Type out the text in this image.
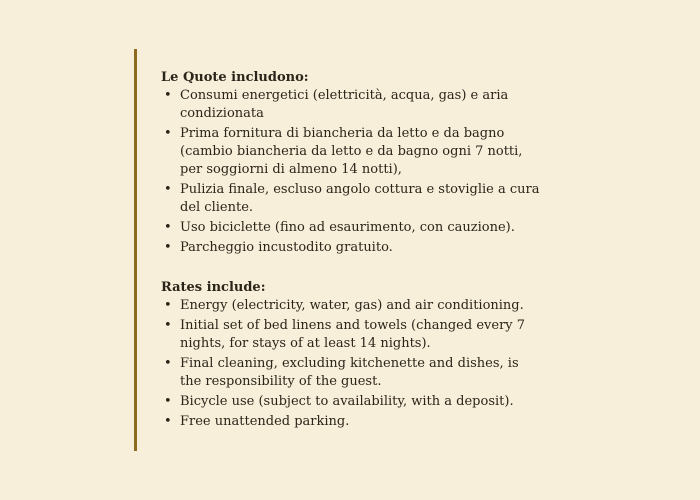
Le Quote includono:

• Consumi energetici (elettricità, acqua, gas) e aria condizionata
• Prima fornitura di biancheria da letto e da bagno (cambio biancheria da letto e da bagno ogni 7 notti, per soggiorni di almeno 14 notti),
• Pulizia finale, escluso angolo cottura e stoviglie a cura del cliente.
• Uso biciclette (fino ad esaurimento, con cauzione).
• Parcheggio incustodito gratuito.

Rates include:

• Energy (electricity, water, gas) and air conditioning.
• Initial set of bed linens and towels (changed every 7 nights, for stays of at least 14 nights).
• Final cleaning, excluding kitchenette and dishes, is the responsibility of the guest.
• Bicycle use (subject to availability, with a deposit).
• Free unattended parking.
